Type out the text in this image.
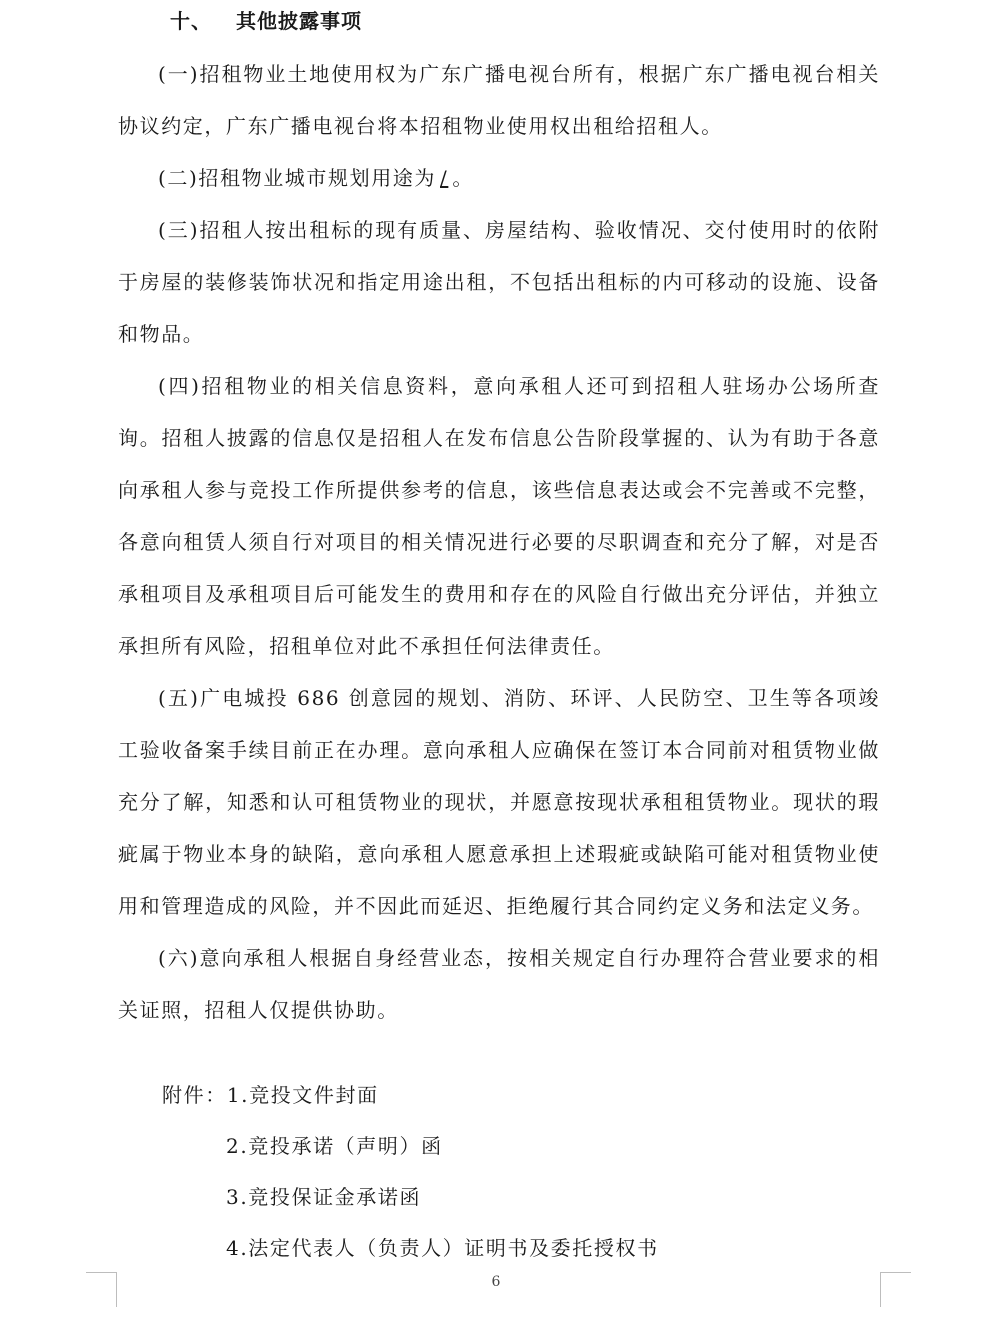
十、 其他披露事项

(一)招租物业土地使用权为广东广播电视台所有，根据广东广播电视台相关协议约定，广东广播电视台将本招租物业使用权出租给招租人。

(二)招租物业城市规划用途为 / 。

(三)招租人按出租标的现有质量、房屋结构、验收情况、交付使用时的依附于房屋的装修装饰状况和指定用途出租，不包括出租标的内可移动的设施、设备和物品。

(四)招租物业的相关信息资料，意向承租人还可到招租人驻场办公场所查询。招租人披露的信息仅是招租人在发布信息公告阶段掌握的、认为有助于各意向承租人参与竞投工作所提供参考的信息，该些信息表达或会不完善或不完整，各意向租赁人须自行对项目的相关情况进行必要的尽职调查和充分了解，对是否承租项目及承租项目后可能发生的费用和存在的风险自行做出充分评估，并独立承担所有风险，招租单位对此不承担任何法律责任。

(五)广电城投 686 创意园的规划、消防、环评、人民防空、卫生等各项竣工验收备案手续目前正在办理。意向承租人应确保在签订本合同前对租赁物业做充分了解，知悉和认可租赁物业的现状，并愿意按现状承租租赁物业。现状的瑕疵属于物业本身的缺陷，意向承租人愿意承担上述瑕疵或缺陷可能对租赁物业使用和管理造成的风险，并不因此而延迟、拒绝履行其合同约定义务和法定义务。

(六)意向承租人根据自身经营业态，按相关规定自行办理符合营业要求的相关证照，招租人仅提供协助。

附件：1.竞投文件封面
2.竞投承诺（声明）函
3.竞投保证金承诺函
4.法定代表人（负责人）证明书及委托授权书
6
